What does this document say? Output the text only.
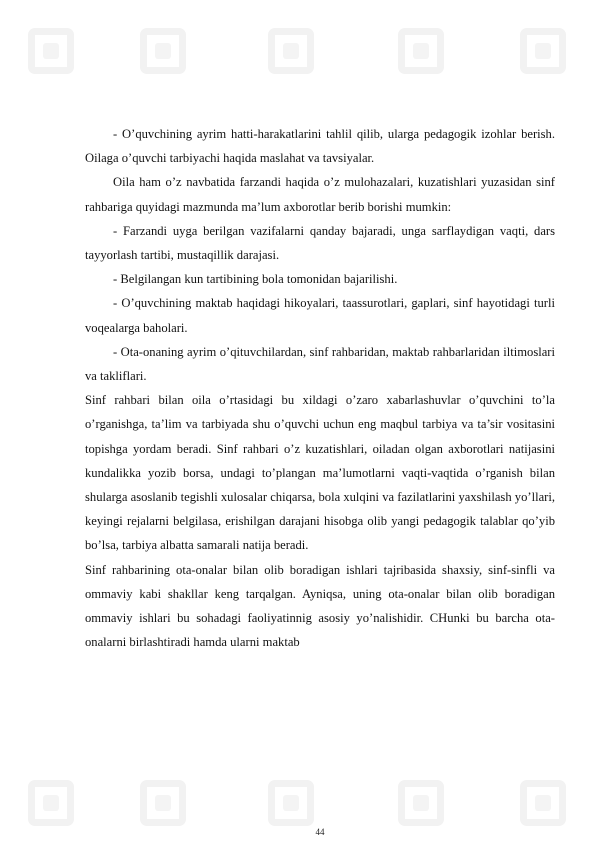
- O’quvchining ayrim hatti-harakatlarini tahlil qilib, ularga pedagogik izohlar berish. Oilaga o’quvchi tarbiyachi haqida maslahat va tavsiyalar.

Oila ham o’z navbatida farzandi haqida o’z mulohazalari, kuzatishlari yuzasidan sinf rahbariga quyidagi mazmunda ma’lum axborotlar berib borishi mumkin:

- Farzandi uyga berilgan vazifalarni qanday bajaradi, unga sarflaydigan vaqti, dars tayyorlash tartibi, mustaqillik darajasi.

- Belgilangan kun tartibining bola tomonidan bajarilishi.

- O’quvchining maktab haqidagi hikoyalari, taassurotlari, gaplari, sinf hayotidagi turli voqealarga baholari.

- Ota-onaning ayrim o’qituvchilardan, sinf rahbaridan, maktab rahbarlaridan iltimoslari va takliflari.

Sinf rahbari bilan oila o’rtasidagi bu xildagi o’zaro xabarlashuvlar o’quvchini to’la o’rganishga, ta’lim va tarbiyada shu o’quvchi uchun eng maqbul tarbiya va ta’sir vositasini topishga yordam beradi. Sinf rahbari o’z kuzatishlari, oiladan olgan axborotlari natijasini kundalikka yozib borsa, undagi to’plangan ma’lumotlarni vaqti-vaqtida o’rganish bilan shularga asoslanib tegishli xulosalar chiqarsa, bola xulqini va fazilatlarini yaxshilash yo’llari, keyingi rejalarni belgilasa, erishilgan darajani hisobga olib yangi pedagogik talablar qo’yib bo’lsa, tarbiya albatta samarali natija beradi.

Sinf rahbarining ota-onalar bilan olib boradigan ishlari tajribasida shaxsiy, sinf-sinfli va ommaviy kabi shakllar keng tarqalgan. Ayniqsa, uning ota-onalar bilan olib boradigan ommaviy ishlari bu sohadagi faoliyatinnig asosiy yo’nalishidir. CHunki bu barcha ota-onalarni birlashtiradi hamda ularni maktab

44
